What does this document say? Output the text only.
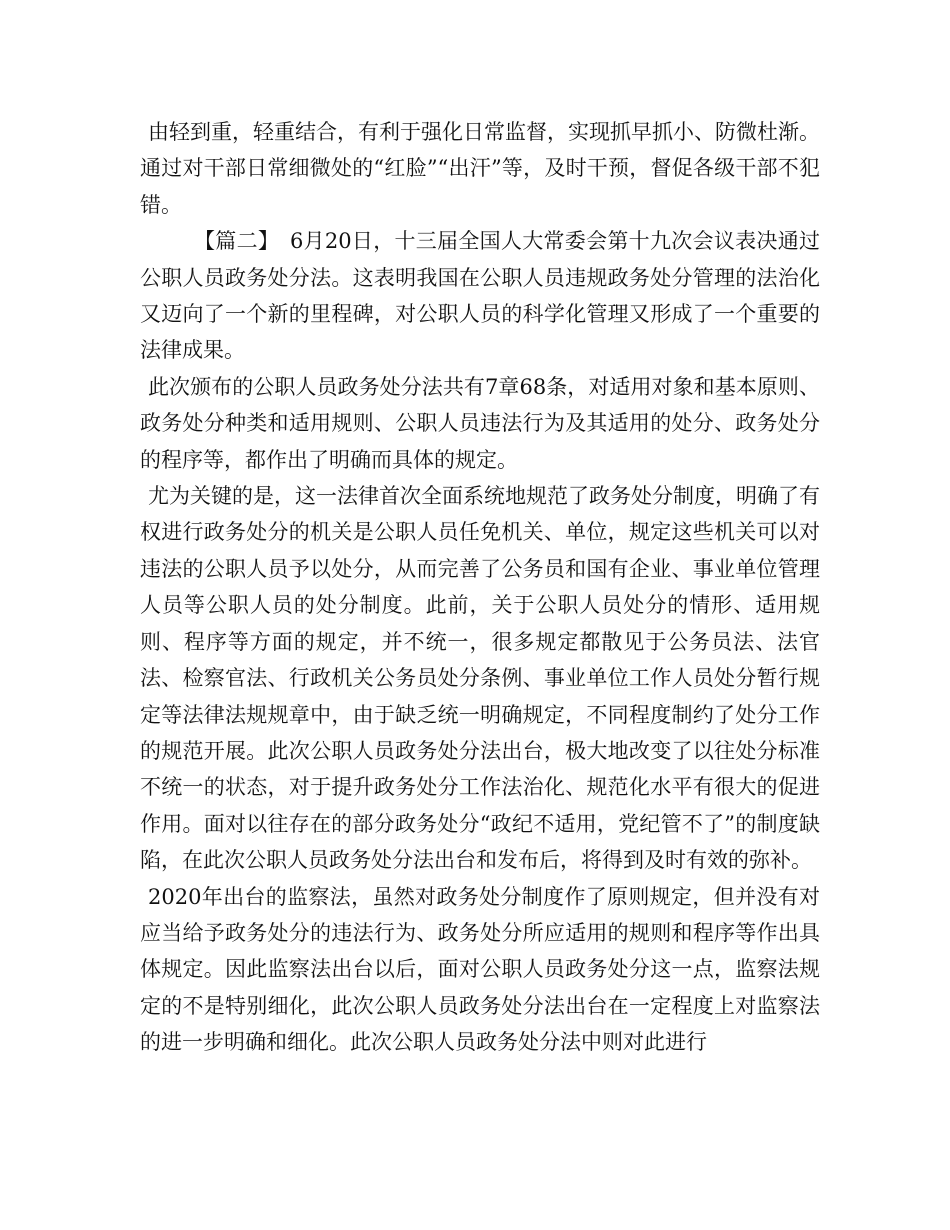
由轻到重，轻重结合，有利于强化日常监督，实现抓早抓小、防微杜渐。通过对干部日常细微处的“红脸”“出汗”等，及时干预，督促各级干部不犯错。

【篇二】　6月20日，十三届全国人大常委会第十九次会议表决通过公职人员政务处分法。这表明我国在公职人员违规政务处分管理的法治化又迈向了一个新的里程碑，对公职人员的科学化管理又形成了一个重要的法律成果。

此次颁布的公职人员政务处分法共有7章68条，对适用对象和基本原则、政务处分种类和适用规则、公职人员违法行为及其适用的处分、政务处分的程序等，都作出了明确而具体的规定。

尤为关键的是，这一法律首次全面系统地规范了政务处分制度，明确了有权进行政务处分的机关是公职人员任免机关、单位，规定这些机关可以对违法的公职人员予以处分，从而完善了公务员和国有企业、事业单位管理人员等公职人员的处分制度。此前，关于公职人员处分的情形、适用规则、程序等方面的规定，并不统一，很多规定都散见于公务员法、法官法、检察官法、行政机关公务员处分条例、事业单位工作人员处分暂行规定等法律法规规章中，由于缺乏统一明确规定，不同程度制约了处分工作的规范开展。此次公职人员政务处分法出台，极大地改变了以往处分标准不统一的状态，对于提升政务处分工作法治化、规范化水平有很大的促进作用。面对以往存在的部分政务处分“政纪不适用，党纪管不了”的制度缺陷，在此次公职人员政务处分法出台和发布后，将得到及时有效的弥补。

2020年出台的监察法，虽然对政务处分制度作了原则规定，但并没有对应当给予政务处分的违法行为、政务处分所应适用的规则和程序等作出具体规定。因此监察法出台以后，面对公职人员政务处分这一点，监察法规定的不是特别细化，此次公职人员政务处分法出台在一定程度上对监察法的进一步明确和细化。此次公职人员政务处分法中则对此进行
